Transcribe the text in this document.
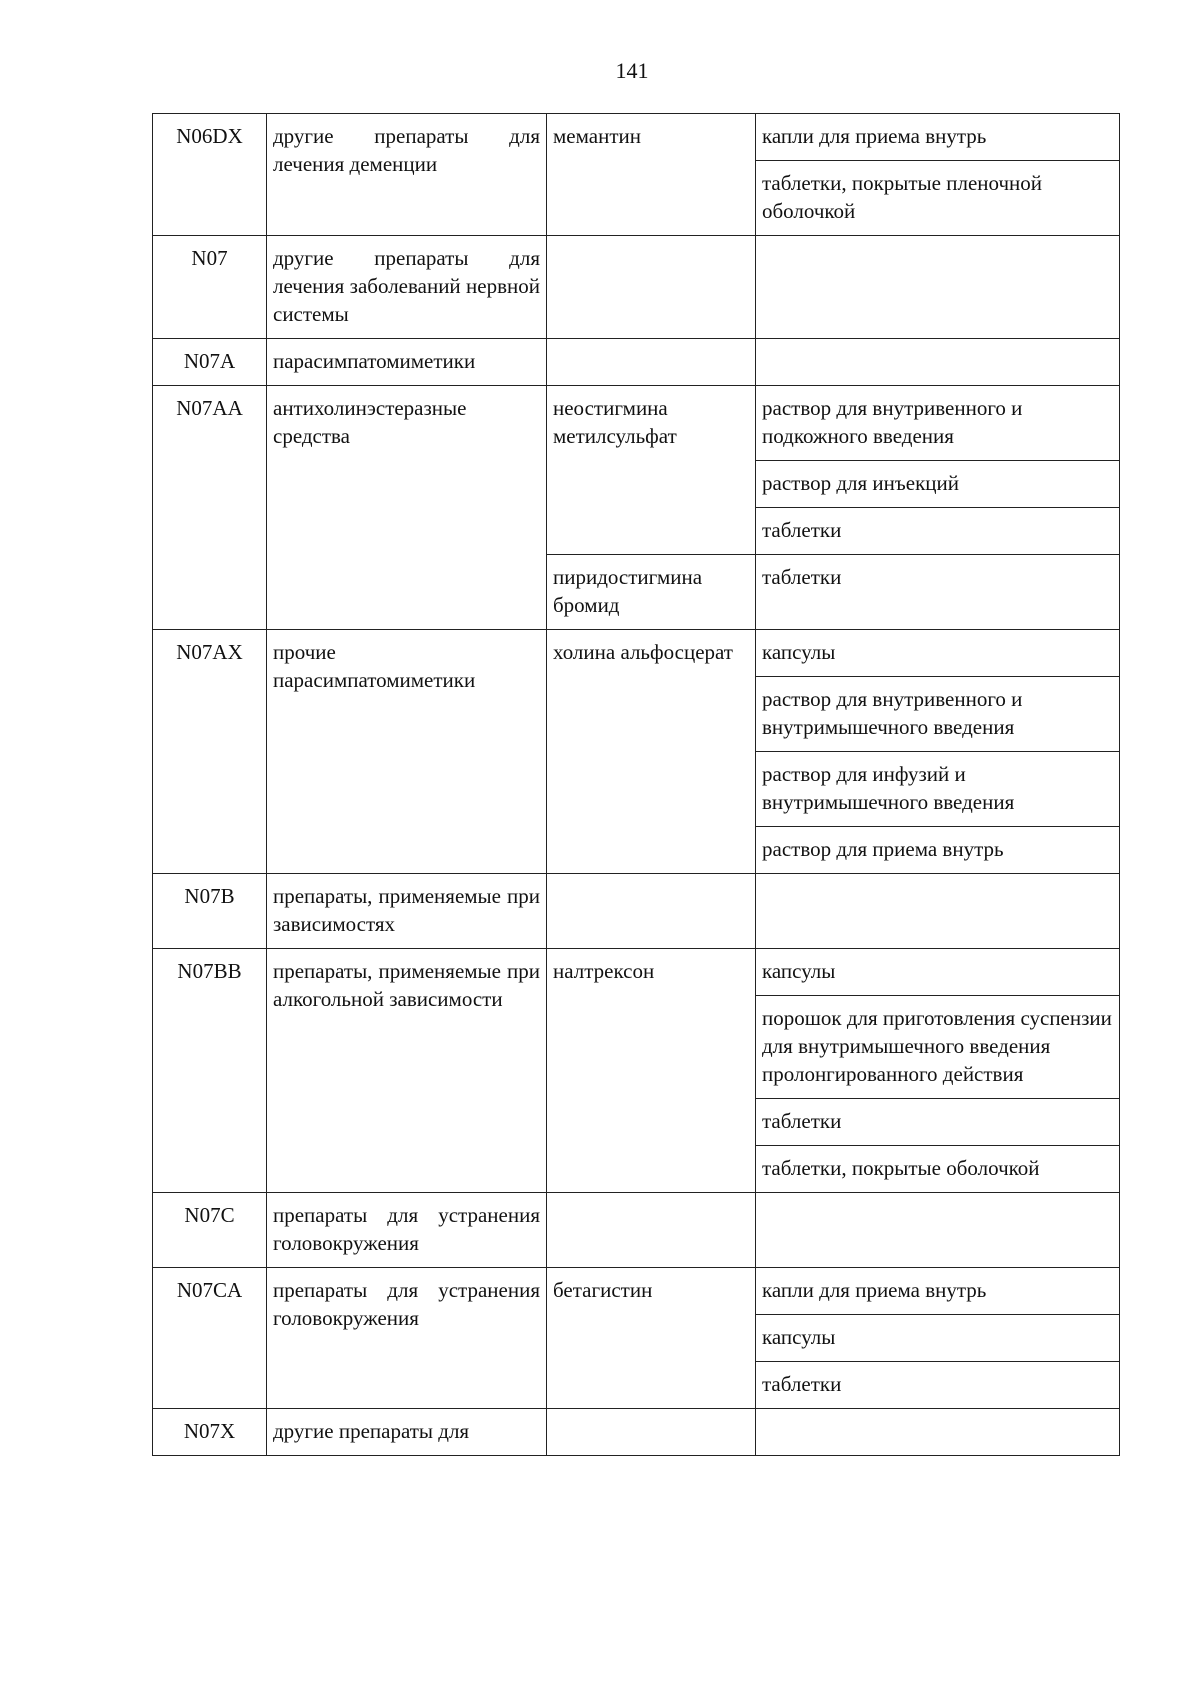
141
N06DX	другие препараты для лечения деменции	мемантин	капли для приема внутрь
			таблетки, покрытые пленочной оболочкой
N07	другие препараты для лечения заболеваний нервной системы		
N07A	парасимпатомиметики		
N07AA	антихолинэстеразные средства	неостигмина метилсульфат	раствор для внутривенного и подкожного введения
			раствор для инъекций
			таблетки
		пиридостигмина бромид	таблетки
N07AX	прочие парасимпатомиметики	холина альфосцерат	капсулы
			раствор для внутривенного и внутримышечного введения
			раствор для инфузий и внутримышечного введения
			раствор для приема внутрь
N07B	препараты, применяемые при зависимостях		
N07BB	препараты, применяемые при алкогольной зависимости	налтрексон	капсулы
			порошок для приготовления суспензии для внутримышечного введения пролонгированного действия
			таблетки
			таблетки, покрытые оболочкой
N07C	препараты для устранения головокружения		
N07CA	препараты для устранения головокружения	бетагистин	капли для приема внутрь
			капсулы
			таблетки
N07X	другие препараты для		
